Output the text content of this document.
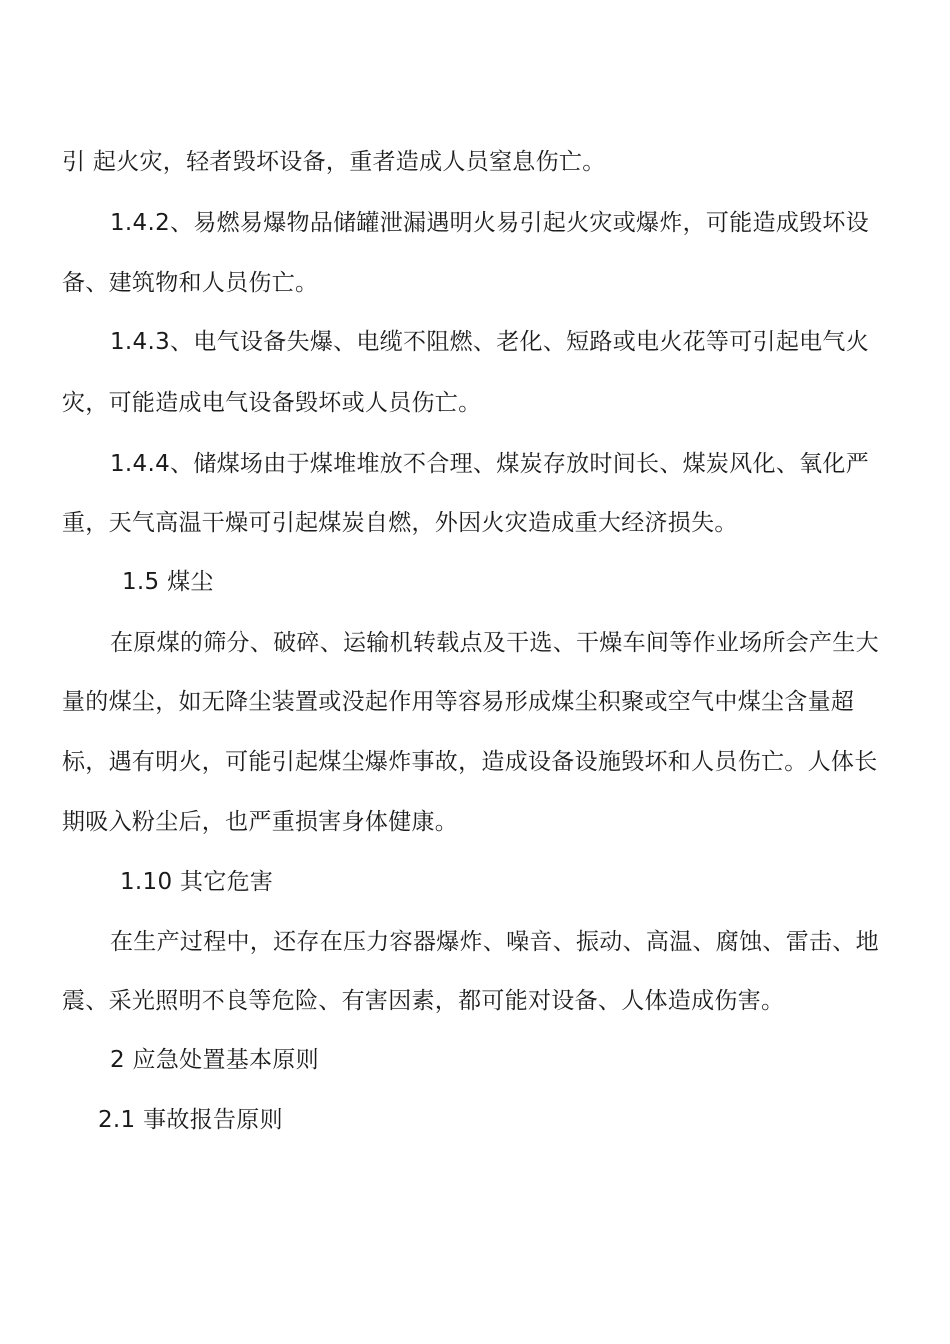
引 起火灾，轻者毁坏设备，重者造成人员窒息伤亡。
1.4.2、易燃易爆物品储罐泄漏遇明火易引起火灾或爆炸，可能造成毁坏设
备、建筑物和人员伤亡。
1.4.3、电气设备失爆、电缆不阻燃、老化、短路或电火花等可引起电气火
灾，可能造成电气设备毁坏或人员伤亡。
1.4.4、储煤场由于煤堆堆放不合理、煤炭存放时间长、煤炭风化、氧化严
重，天气高温干燥可引起煤炭自燃，外因火灾造成重大经济损失。
1.5 煤尘
在原煤的筛分、破碎、运输机转载点及干选、干燥车间等作业场所会产生大
量的煤尘，如无降尘装置或没起作用等容易形成煤尘积聚或空气中煤尘含量超
标，遇有明火，可能引起煤尘爆炸事故，造成设备设施毁坏和人员伤亡。人体长
期吸入粉尘后，也严重损害身体健康。
1.10 其它危害
在生产过程中，还存在压力容器爆炸、噪音、振动、高温、腐蚀、雷击、地
震、采光照明不良等危险、有害因素，都可能对设备、人体造成伤害。
2 应急处置基本原则
2.1 事故报告原则
